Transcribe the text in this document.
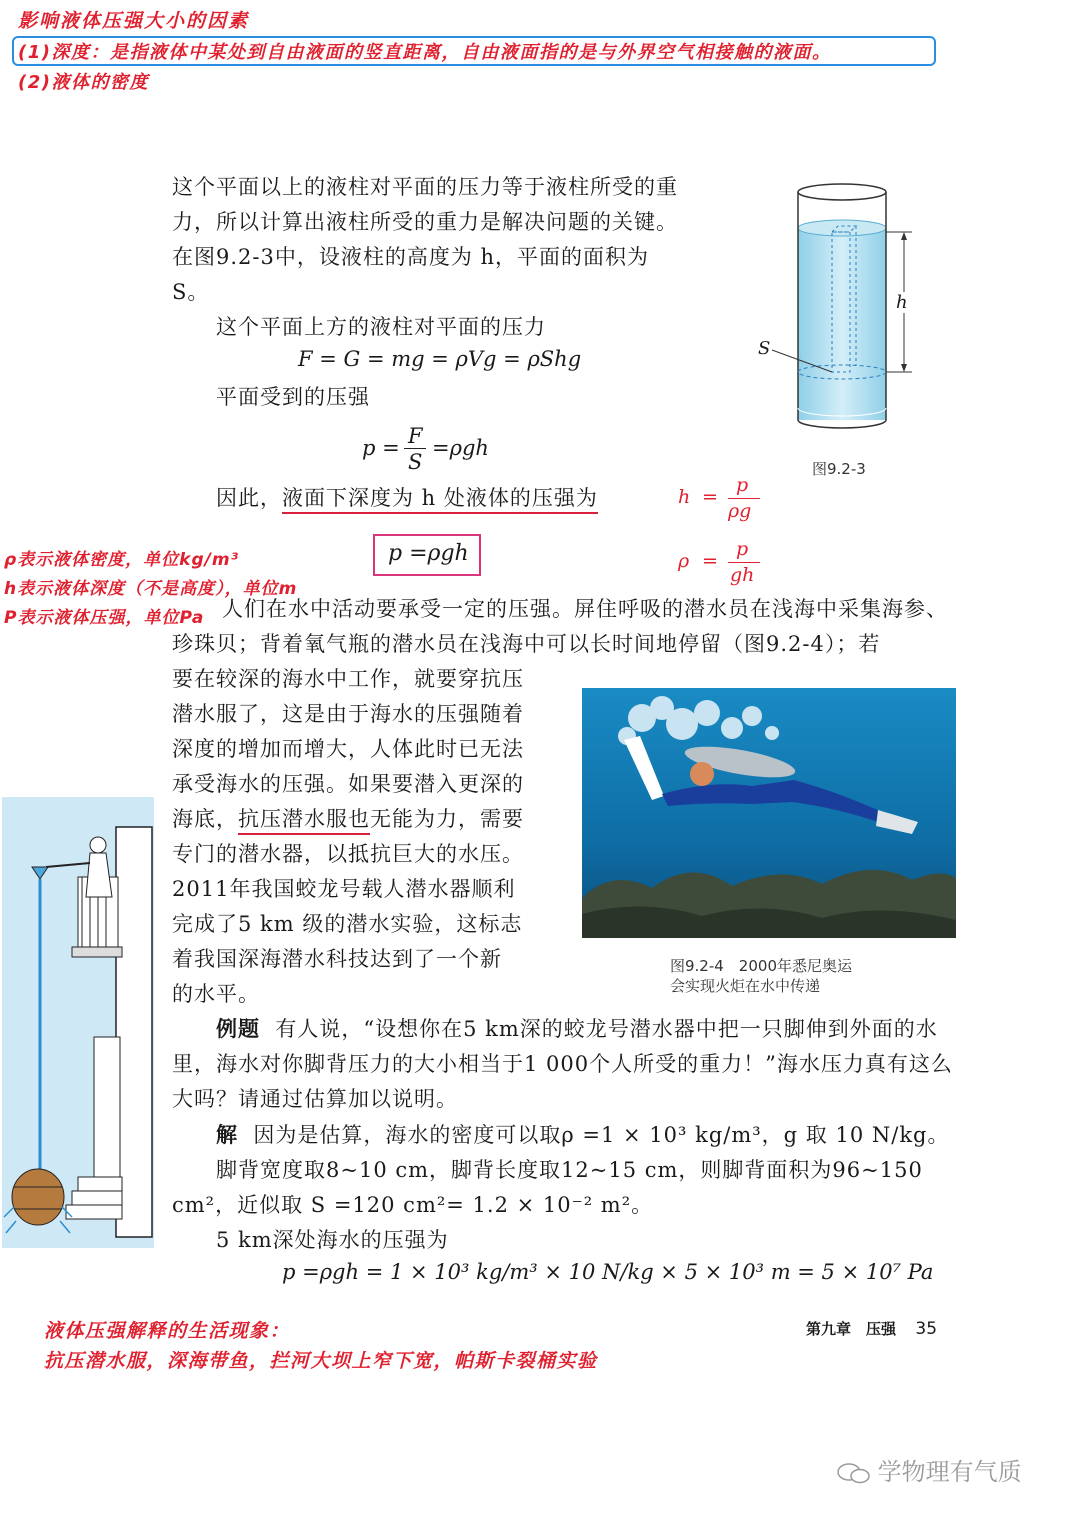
影响液体压强大小的因素
(1)深度：是指液体中某处到自由液面的竖直距离，自由液面指的是与外界空气相接触的液面。
(2)液体的密度
这个平面以上的液柱对平面的压力等于液柱所受的重力，所以计算出液柱所受的重力是解决问题的关键。在图9.2-3中，设液柱的高度为 h，平面的面积为 S。
这个平面上方的液柱对平面的压力
F = G = mg = ρVg = ρShg
平面受到的压强
p = F
S
=ρgh
因此，液面下深度为 h 处液体的压强为
p =ρgh
h =
p
ρg
ρ =
p
gh
ρ表示液体密度，单位kg/m³
h表示液体深度（不是高度），单位m
P表示液体压强，单位Pa 人们在水中活动要承受一定的压强。屏住呼吸的潜水员在浅海中采集海参、珍珠贝；背着氧气瓶的潜水员在浅海中可以长时间地停留（图9.2-4）；若
要在较深的海水中工作，就要穿抗压
潜水服了，这是由于海水的压强随着
深度的增加而增大，人体此时已无法
承受海水的压强。如果要潜入更深的
海底，抗压潜水服也无能为力，需要
专门的潜水器，以抵抗巨大的水压。
2011年我国蛟龙号载人潜水器顺利
完成了5 km 级的潜水实验，这标志
着我国深海潜水科技达到了一个新
的水平。
例题 有人说，“设想你在5 km深的蛟龙号潜水器中把一只脚伸到外面的水里，海水对你脚背压力的大小相当于1 000个人所受的重力！”海水压力真有这么大吗？请通过估算加以说明。
解 因为是估算，海水的密度可以取ρ =1 × 10³ kg/m³，g 取 10 N/kg。
脚背宽度取8~10 cm，脚背长度取12~15 cm，则脚背面积为96~150 cm²，近似取 S =120 cm²= 1.2 × 10⁻² m²。
5 km深处海水的压强为
p =ρgh = 1 × 10³ kg/m³ × 10 N/kg × 5 × 10³ m = 5 × 10⁷ Pa
h
S
图9.2-3
图9.2-4　2000年悉尼奥运
会实现火炬在水中传递
液体压强解释的生活现象：
抗压潜水服，深海带鱼，拦河大坝上窄下宽，帕斯卡裂桶实验
第九章　压强 35
学物理有气质
